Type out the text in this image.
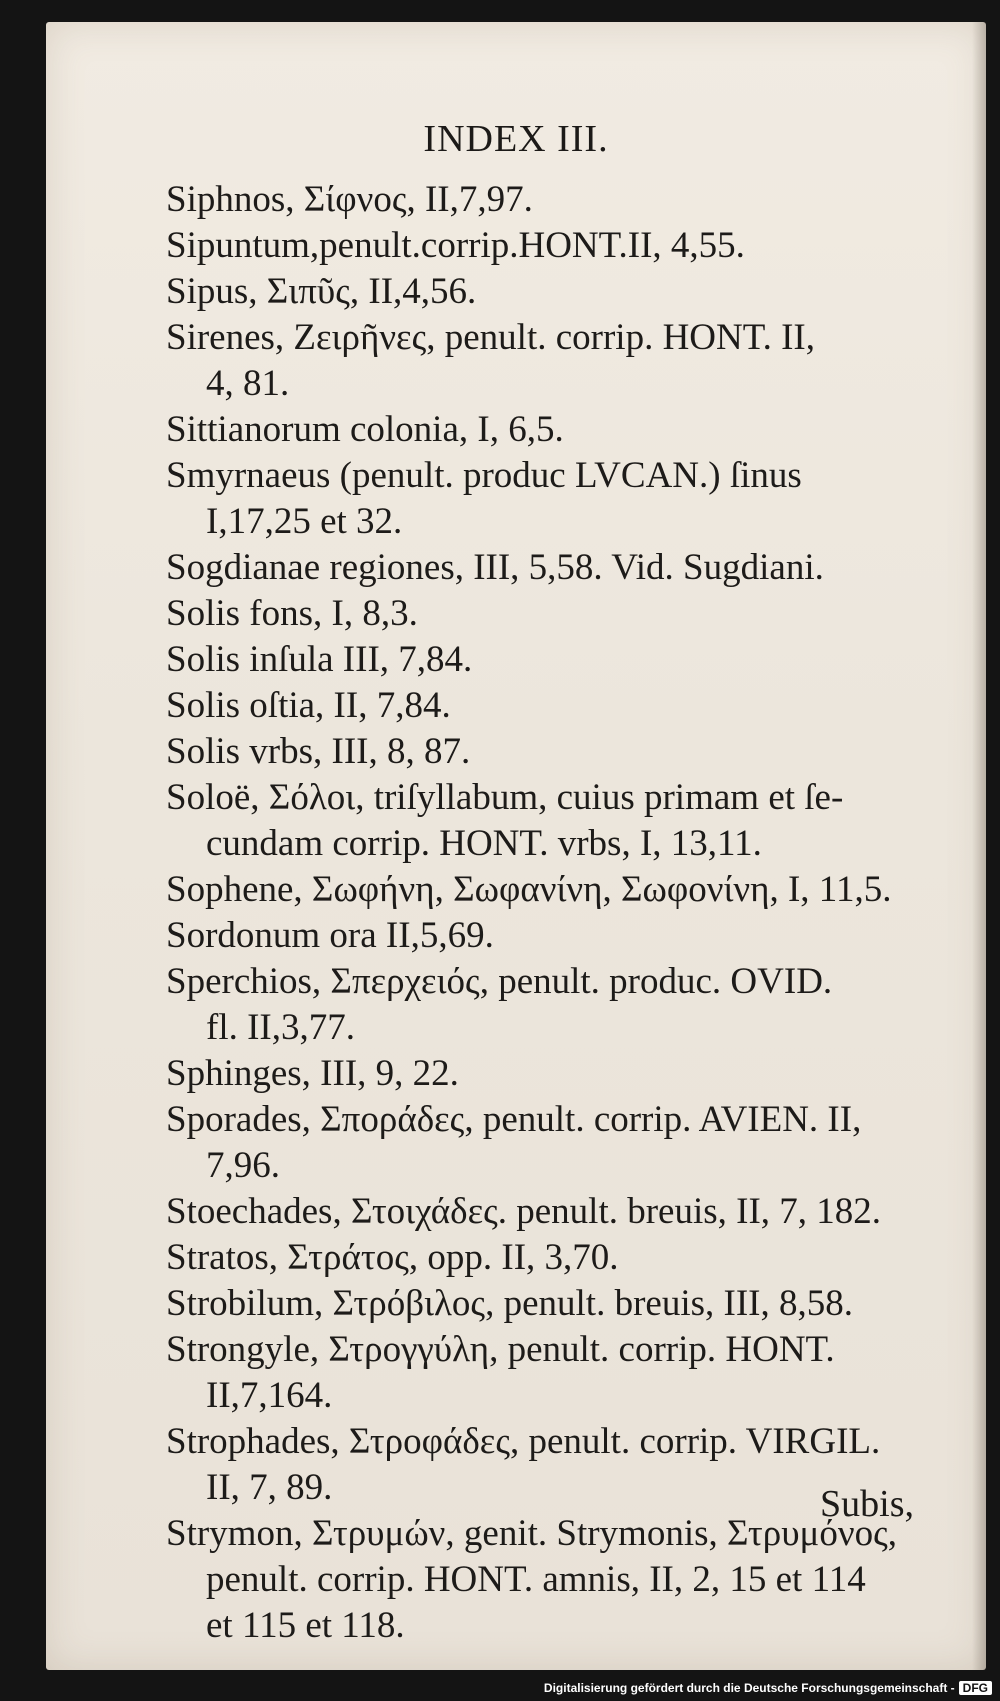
INDEX III.

Siphnos, Σίφνος, II,7,97.

Sipuntum,penult.corrip.HONT.II, 4,55.

Sipus, Σιπῦς, II,4,56.

Sirenes, Ζειρῆνες, penult. corrip. HONT. II,

4, 81.

Sittianorum colonia, I, 6,5.

Smyrnaeus (penult. produc LVCAN.) ſinus

I,17,25 et 32.

Sogdianae regiones, III, 5,58. Vid. Sugdiani.

Solis fons, I, 8,3.

Solis inſula III, 7,84.

Solis oſtia, II, 7,84.

Solis vrbs, III, 8, 87.

Soloë, Σόλοι, triſyllabum, cuius primam et ſe-

cundam corrip. HONT. vrbs, I, 13,11.

Sophene, Σωφήνη, Σωφανίνη, Σωφονίνη, I, 11,5.

Sordonum ora II,5,69.

Sperchios, Σπερχειός, penult. produc. OVID.

fl. II,3,77.

Sphinges, III, 9, 22.

Sporades, Σποράδες, penult. corrip. AVIEN. II,

7,96.

Stoechades, Στοιχάδες. penult. breuis, II, 7, 182.

Stratos, Στράτος, opp. II, 3,70.

Strobilum, Στρόβιλος, penult. breuis, III, 8,58.

Strongyle, Στρογγύλη, penult. corrip. HONT.

II,7,164.

Strophades, Στροφάδες, penult. corrip. VIRGIL.

II, 7, 89.

Strymon, Στρυμών, genit. Strymonis, Στρυμόνος,

penult. corrip. HONT. amnis, II, 2, 15 et 114

et 115 et 118.

Subis,
Digitalisierung gefördert durch die Deutsche Forschungsgemeinschaft - DFG
